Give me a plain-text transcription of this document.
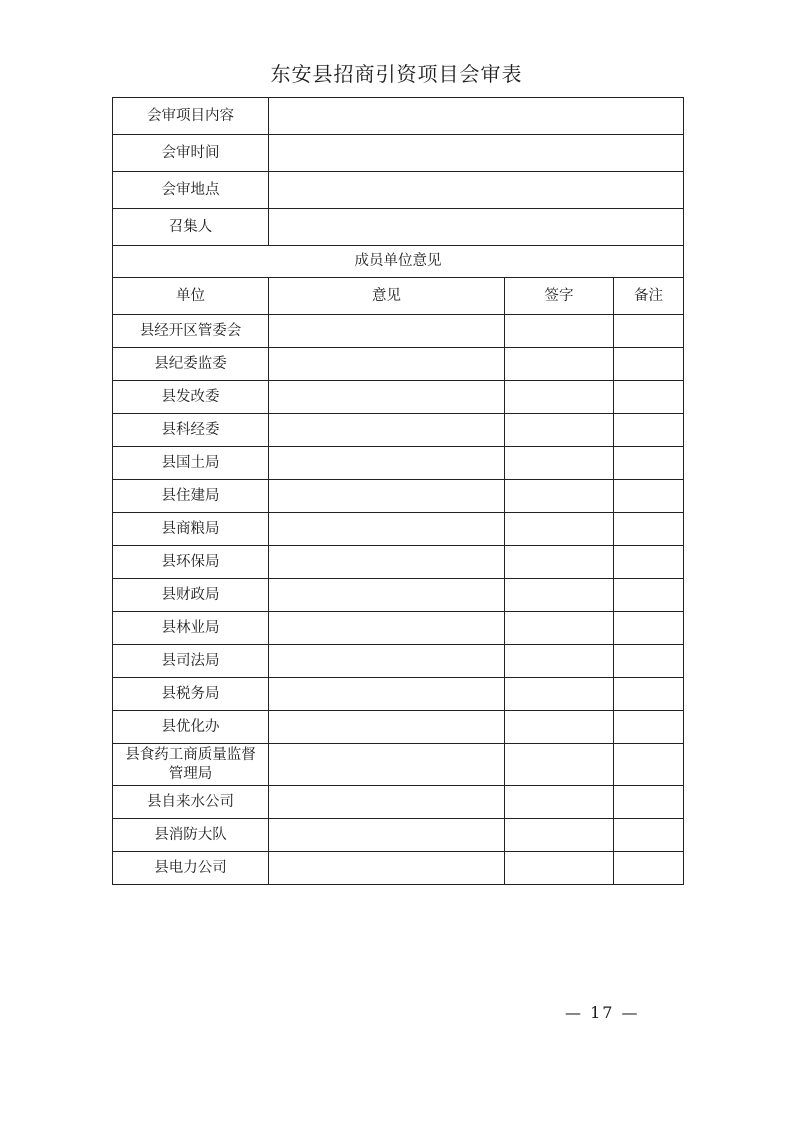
东安县招商引资项目会审表
会审项目内容			
会审时间			
会审地点			
召集人			
成员单位意见			
单位	意见	签字	备注
县经开区管委会			
县纪委监委			
县发改委			
县科经委			
县国土局			
县住建局			
县商粮局			
县环保局			
县财政局			
县林业局			
县司法局			
县税务局			
县优化办			
县食药工商质量监督管理局			
县自来水公司			
县消防大队			
县电力公司			
— 17 —
